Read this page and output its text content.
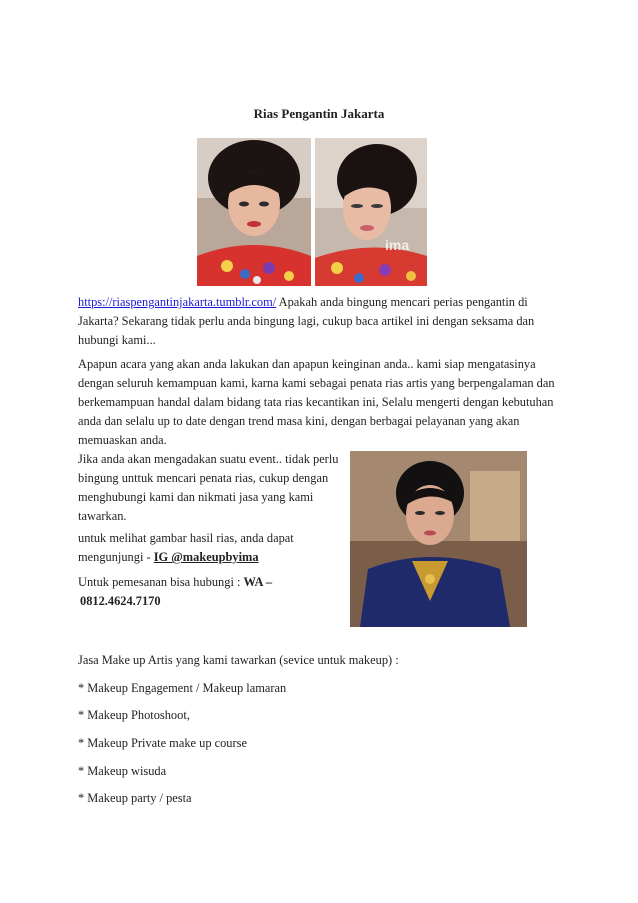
Rias Pengantin Jakarta
ima
https://riaspengantinjakarta.tumblr.com/ Apakah anda bingung mencari perias pengantin di Jakarta? Sekarang tidak perlu anda bingung lagi, cukup baca artikel ini dengan seksama dan hubungi kami...
Apapun acara yang akan anda lakukan dan apapun keinginan anda.. kami siap mengatasinya dengan seluruh kemampuan kami, karna kami sebagai penata rias artis yang berpengalaman dan berkemampuan handal dalam bidang tata rias kecantikan ini, Selalu mengerti dengan kebutuhan anda dan selalu up to date dengan trend masa kini, dengan berbagai pelayanan yang akan memuaskan anda.
Jika anda akan mengadakan suatu event.. tidak perlu bingung unttuk mencari penata rias, cukup dengan menghubungi kami dan nikmati jasa yang kami tawarkan.
untuk melihat gambar hasil rias, anda dapat mengunjungi - IG @makeupbyima
Untuk pemesanan bisa hubungi : WA –
0812.4624.7170
Jasa Make up Artis yang kami tawarkan (sevice untuk makeup) :
* Makeup Engagement / Makeup lamaran
* Makeup Photoshoot,
* Makeup Private make up course
* Makeup wisuda
* Makeup party / pesta
